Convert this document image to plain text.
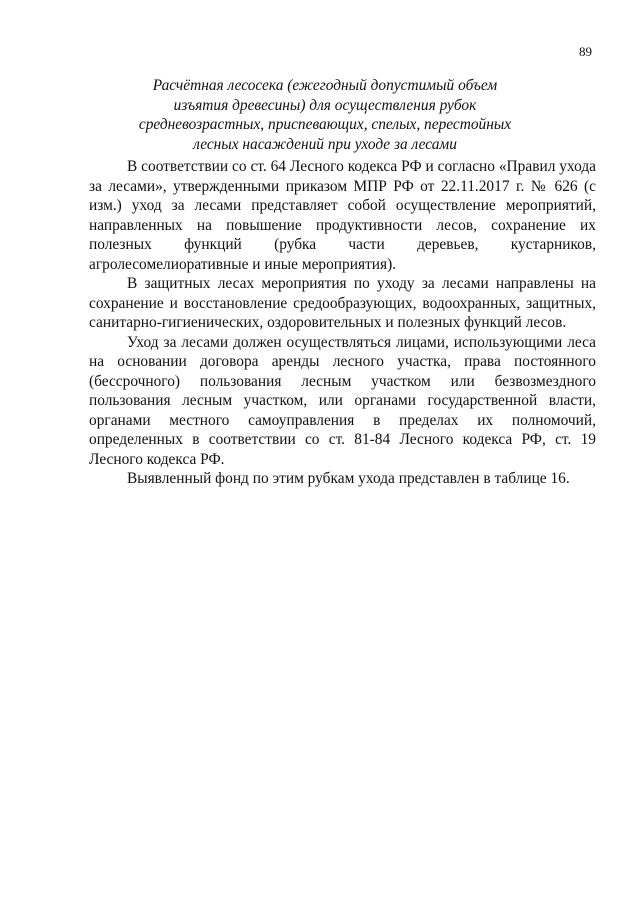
89
Расчётная лесосека (ежегодный допустимый объем изъятия древесины) для осуществления рубок средневозрастных, приспевающих, спелых, перестойных лесных насаждений при уходе за лесами

В соответствии со ст. 64 Лесного кодекса РФ и согласно «Правил ухода за лесами», утвержденными приказом МПР РФ от 22.11.2017 г. № 626 (с изм.) уход за лесами представляет собой осуществление мероприятий, направленных на повышение продуктивности лесов, сохранение их полезных функций (рубка части деревьев, кустарников, агролесомелиоративные и иные мероприятия).

В защитных лесах мероприятия по уходу за лесами направлены на сохранение и восстановление средообразующих, водоохранных, защитных, санитарно-гигиенических, оздоровительных и полезных функций лесов.

Уход за лесами должен осуществляться лицами, использующими леса на основании договора аренды лесного участка, права постоянного (бессрочного) пользования лесным участком или безвозмездного пользования лесным участком, или органами государственной власти, органами местного самоуправления в пределах их полномочий, определенных в соответствии со ст. 81-84 Лесного кодекса РФ, ст. 19 Лесного кодекса РФ.

Выявленный фонд по этим рубкам ухода представлен в таблице 16.
